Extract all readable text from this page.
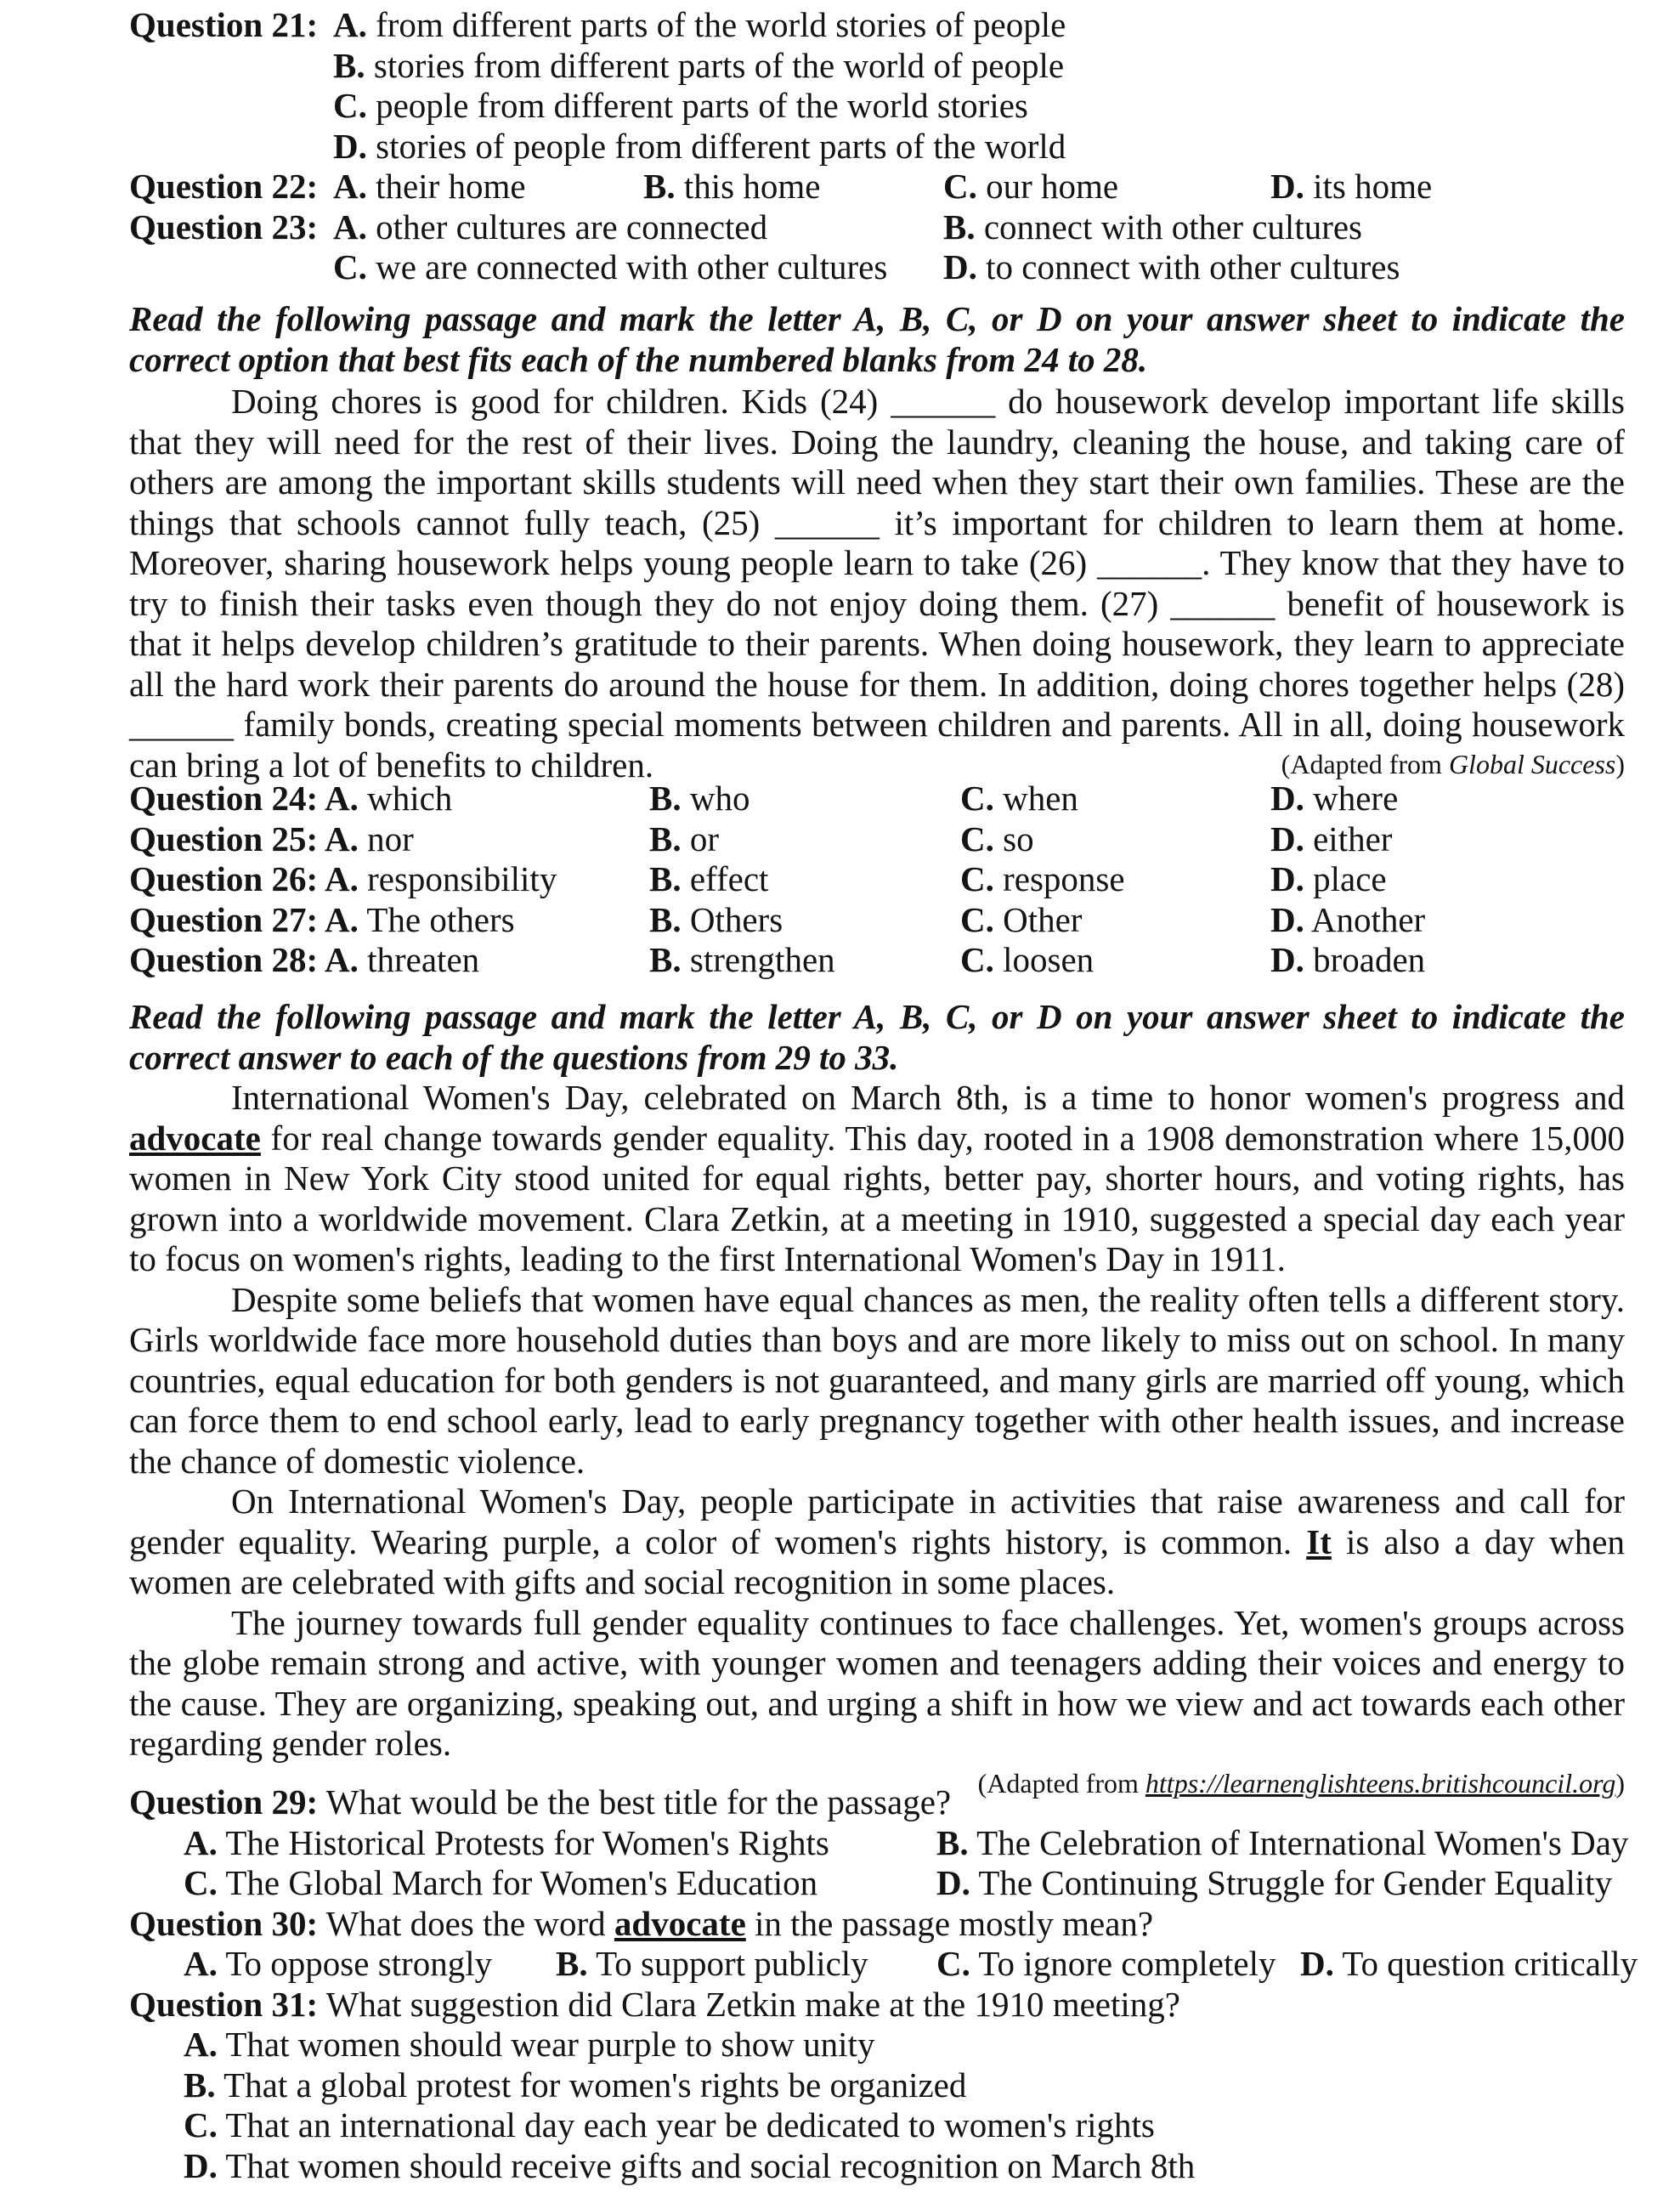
Question 21: A. from different parts of the world stories of people
B. stories from different parts of the world of people
C. people from different parts of the world stories
D. stories of people from different parts of the world
Question 22: A. their home	B. this home	C. our home	D. its home
Question 23: A. other cultures are connected	B. connect with other cultures
C. we are connected with other cultures D. to connect with other cultures

Read the following passage and mark the letter A, B, C, or D on your answer sheet to indicate the correct option that best fits each of the numbered blanks from 24 to 28.

Doing chores is good for children. Kids (24) ______ do housework develop important life skills that they will need for the rest of their lives. Doing the laundry, cleaning the house, and taking care of others are among the important skills students will need when they start their own families. These are the things that schools cannot fully teach, (25) ______ it’s important for children to learn them at home. Moreover, sharing housework helps young people learn to take (26) ______. They know that they have to try to finish their tasks even though they do not enjoy doing them. (27) ______ benefit of housework is that it helps develop children’s gratitude to their parents. When doing housework, they learn to appreciate all the hard work their parents do around the house for them. In addition, doing chores together helps (28) ______ family bonds, creating special moments between children and parents. All in all, doing housework can bring a lot of benefits to children.	(Adapted from Global Success)
Question 24: A. which	B. who	C. when	D. where
Question 25: A. nor	B. or	C. so	D. either
Question 26: A. responsibility	B. effect	C. response	D. place
Question 27: A. The others	B. Others	C. Other	D. Another
Question 28: A. threaten	B. strengthen	C. loosen	D. broaden

Read the following passage and mark the letter A, B, C, or D on your answer sheet to indicate the correct answer to each of the questions from 29 to 33.

International Women's Day, celebrated on March 8th, is a time to honor women's progress and advocate for real change towards gender equality. This day, rooted in a 1908 demonstration where 15,000 women in New York City stood united for equal rights, better pay, shorter hours, and voting rights, has grown into a worldwide movement. Clara Zetkin, at a meeting in 1910, suggested a special day each year to focus on women's rights, leading to the first International Women's Day in 1911.

Despite some beliefs that women have equal chances as men, the reality often tells a different story. Girls worldwide face more household duties than boys and are more likely to miss out on school. In many countries, equal education for both genders is not guaranteed, and many girls are married off young, which can force them to end school early, lead to early pregnancy together with other health issues, and increase the chance of domestic violence.

On International Women's Day, people participate in activities that raise awareness and call for gender equality. Wearing purple, a color of women's rights history, is common. It is also a day when women are celebrated with gifts and social recognition in some places.

The journey towards full gender equality continues to face challenges. Yet, women's groups across the globe remain strong and active, with younger women and teenagers adding their voices and energy to the cause. They are organizing, speaking out, and urging a shift in how we view and act towards each other regarding gender roles.

(Adapted from https://learnenglishteens.britishcouncil.org)
Question 29: What would be the best title for the passage?
A. The Historical Protests for Women's Rights	B. The Celebration of International Women's Day
C. The Global March for Women's Education	D. The Continuing Struggle for Gender Equality
Question 30: What does the word advocate in the passage mostly mean?
A. To oppose strongly B. To support publicly C. To ignore completely D. To question critically
Question 31: What suggestion did Clara Zetkin make at the 1910 meeting?
A. That women should wear purple to show unity
B. That a global protest for women's rights be organized
C. That an international day each year be dedicated to women's rights
D. That women should receive gifts and social recognition on March 8th
